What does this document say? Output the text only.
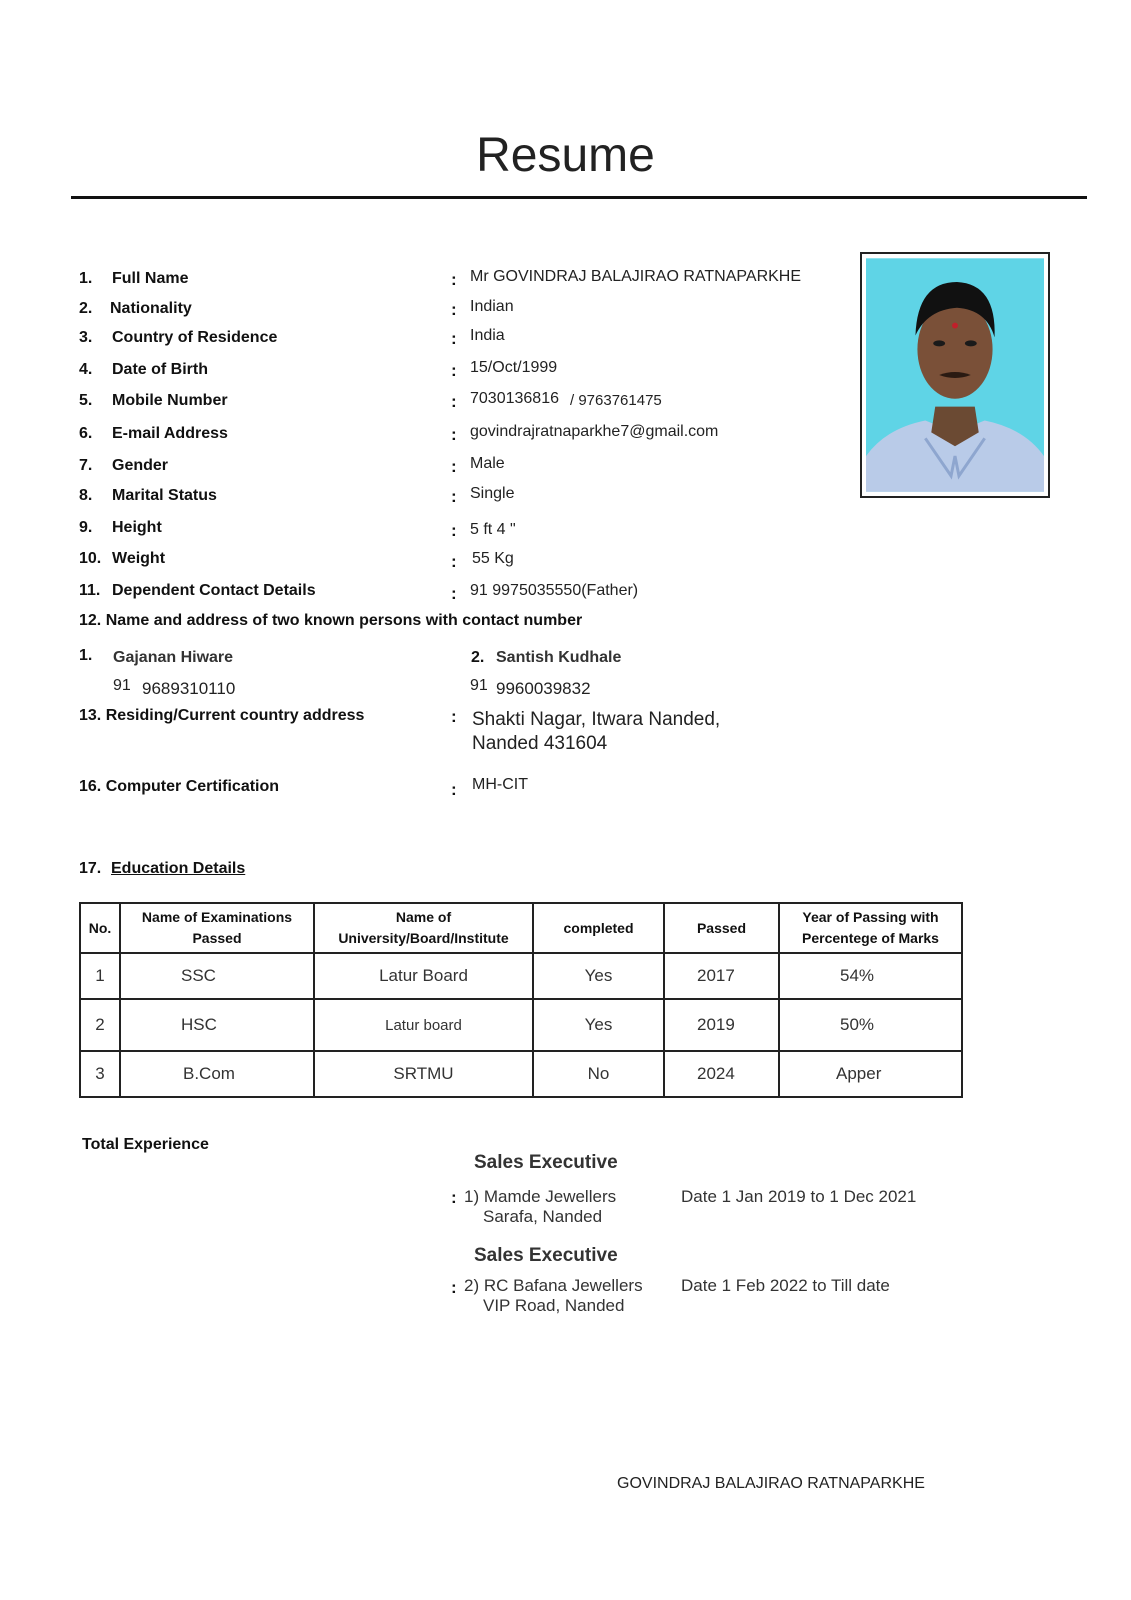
Resume
1. Full Name	: Mr GOVINDRAJ BALAJIRAO RATNAPARKHE
2. Nationality	: Indian
3. Country of Residence	: India
4. Date of Birth	: 15/Oct/1999
5. Mobile Number	: 7030136816 / 9763761475
6. E-mail Address	: govindrajratnaparkhe7@gmail.com
7. Gender	: Male
8. Marital Status	: Single
9. Height	: 5 ft 4 "
10. Weight	: 55 Kg
11. Dependent Contact Details	: 91 9975035550(Father)
12. Name and address of two known persons with contact number
1. Gajanan Hiware
91 9689310110
2. Santish Kudhale
91 9960039832
13. Residing/Current country address	: Shakti Nagar, Itwara Nanded,
Nanded 431604
16. Computer Certification	: MH-CIT
17. Education Details
No.	Name of Examinations Passed	Name of University/Board/Institute	completed	Passed	Year of Passing with Percentege of Marks
1	SSC	Latur Board	Yes	2017	54%
2	HSC	Latur board	Yes	2019	50%
3	B.Com	SRTMU	No	2024	Apper
Total Experience
Sales Executive
: 1) Mamde Jewellers
Sarafa, Nanded
Date 1 Jan 2019 to 1 Dec 2021
Sales Executive
: 2) RC Bafana Jewellers
VIP Road, Nanded
Date 1 Feb 2022 to Till date
GOVINDRAJ BALAJIRAO RATNAPARKHE
